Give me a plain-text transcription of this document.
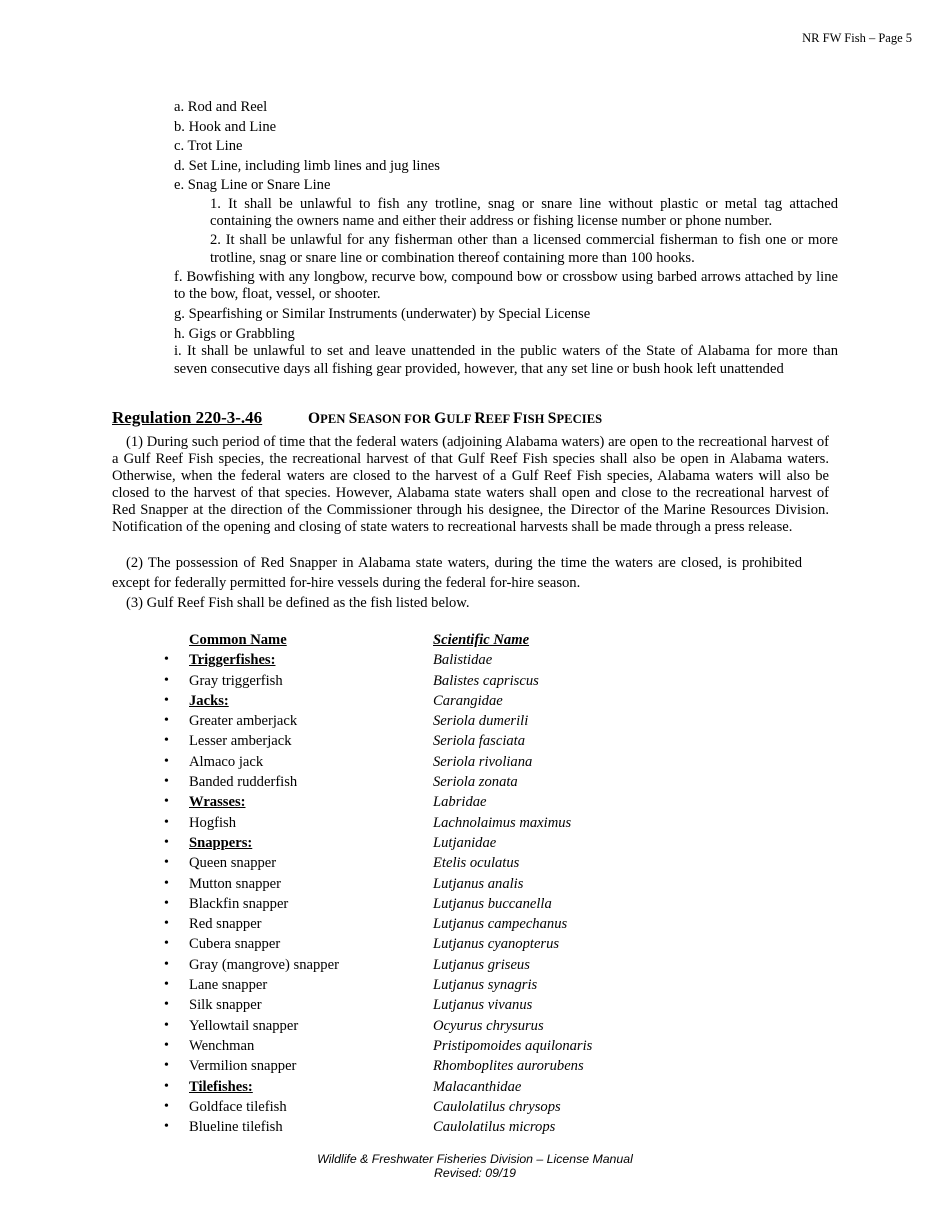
NR FW Fish – Page 5
a. Rod and Reel
b. Hook and Line
c. Trot Line
d. Set Line, including limb lines and jug lines
e. Snag Line or Snare Line
1. It shall be unlawful to fish any trotline, snag or snare line without plastic or metal tag attached containing the owners name and either their address or fishing license number or phone number.
2. It shall be unlawful for any fisherman other than a licensed commercial fisherman to fish one or more trotline, snag or snare line or combination thereof containing more than 100 hooks.
f. Bowfishing with any longbow, recurve bow, compound bow or crossbow using barbed arrows attached by line to the bow, float, vessel, or shooter.
g. Spearfishing or Similar Instruments (underwater) by Special License
h. Gigs or Grabbling
i. It shall be unlawful to set and leave unattended in the public waters of the State of Alabama for more than seven consecutive days all fishing gear provided, however, that any set line or bush hook left unattended
Regulation 220-3-.46	OPEN SEASON FOR GULF REEF FISH SPECIES
(1) During such period of time that the federal waters (adjoining Alabama waters) are open to the recreational harvest of a Gulf Reef Fish species, the recreational harvest of that Gulf Reef Fish species shall also be open in Alabama waters. Otherwise, when the federal waters are closed to the harvest of a Gulf Reef Fish species, Alabama waters will also be closed to the harvest of that species. However, Alabama state waters shall open and close to the recreational harvest of Red Snapper at the direction of the Commissioner through his designee, the Director of the Marine Resources Division. Notification of the opening and closing of state waters to recreational harvests shall be made through a press release.
(2) The possession of Red Snapper in Alabama state waters, during the time the waters are closed, is prohibited except for federally permitted for-hire vessels during the federal for-hire season.
(3) Gulf Reef Fish shall be defined as the fish listed below.
Common Name	Scientific Name
• Triggerfishes:	Balistidae
• Gray triggerfish	Balistes capriscus
• Jacks:	Carangidae
• Greater amberjack	Seriola dumerili
• Lesser amberjack	Seriola fasciata
• Almaco jack	Seriola rivoliana
• Banded rudderfish	Seriola zonata
• Wrasses:	Labridae
• Hogfish	Lachnolaimus maximus
• Snappers:	Lutjanidae
• Queen snapper	Etelis oculatus
• Mutton snapper	Lutjanus analis
• Blackfin snapper	Lutjanus buccanella
• Red snapper	Lutjanus campechanus
• Cubera snapper	Lutjanus cyanopterus
• Gray (mangrove) snapper	Lutjanus griseus
• Lane snapper	Lutjanus synagris
• Silk snapper	Lutjanus vivanus
• Yellowtail snapper	Ocyurus chrysurus
• Wenchman	Pristipomoides aquilonaris
• Vermilion snapper	Rhomboplites aurorubens
• Tilefishes:	Malacanthidae
• Goldface tilefish	Caulolatilus chrysops
• Blueline tilefish	Caulolatilus microps
Wildlife & Freshwater Fisheries Division – License Manual
Revised: 09/19
